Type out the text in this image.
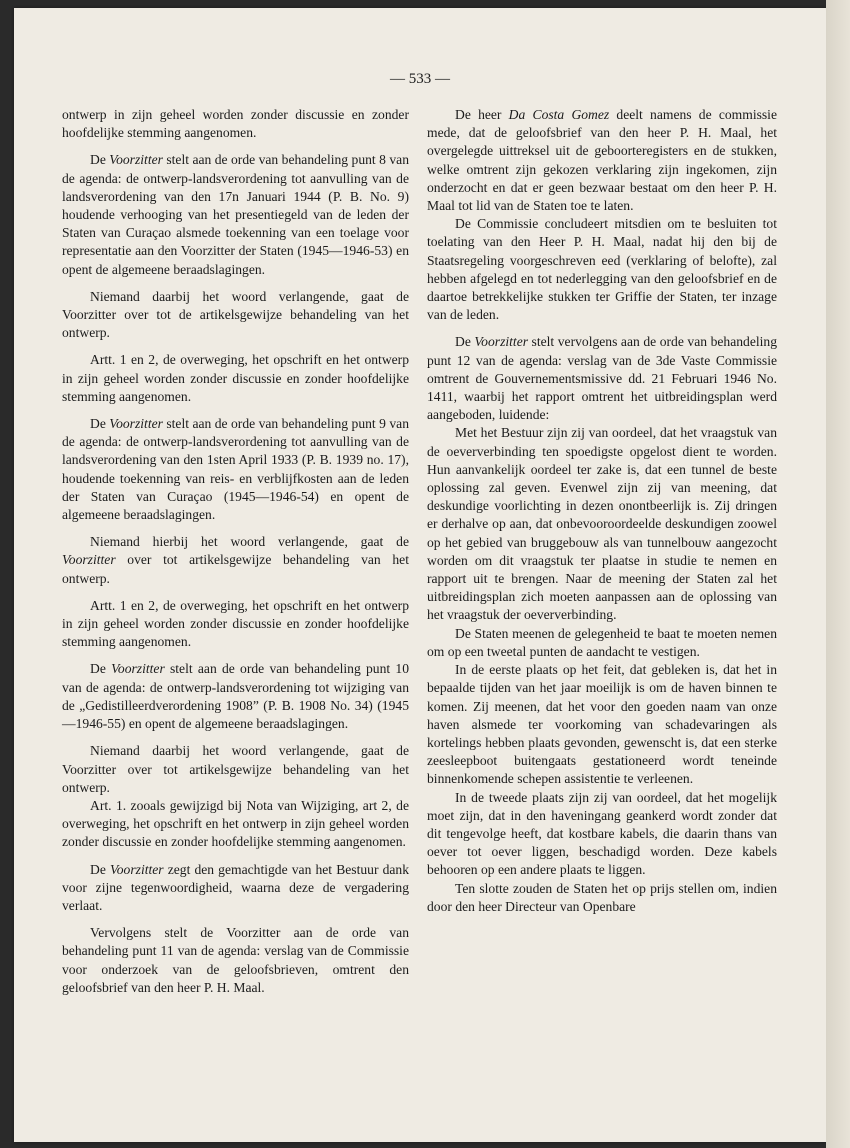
— 533 —

ontwerp in zijn geheel worden zonder discussie en zonder hoofdelijke stemming aangenomen.

De Voorzitter stelt aan de orde van behandeling punt 8 van de agenda: de ontwerp-landsverordening tot aanvulling van de landsverordening van den 17n Januari 1944 (P. B. No. 9) houdende verhooging van het presentiegeld van de leden der Staten van Curaçao alsmede toekenning van een toelage voor representatie aan den Voorzitter der Staten (1945—1946-53) en opent de algemeene beraadslagingen.

Niemand daarbij het woord verlangende, gaat de Voorzitter over tot de artikelsgewijze behandeling van het ontwerp.

Artt. 1 en 2, de overweging, het opschrift en het ontwerp in zijn geheel worden zonder discussie en zonder hoofdelijke stemming aangenomen.

De Voorzitter stelt aan de orde van behandeling punt 9 van de agenda: de ontwerp-landsverordening tot aanvulling van de landsverordening van den 1sten April 1933 (P. B. 1939 no. 17), houdende toekenning van reis- en verblijfkosten aan de leden der Staten van Curaçao (1945—1946-54) en opent de algemeene beraadslagingen.

Niemand hierbij het woord verlangende, gaat de Voorzitter over tot artikelsgewijze behandeling van het ontwerp.

Artt. 1 en 2, de overweging, het opschrift en het ontwerp in zijn geheel worden zonder discussie en zonder hoofdelijke stemming aangenomen.

De Voorzitter stelt aan de orde van behandeling punt 10 van de agenda: de ontwerp-landsverordening tot wijziging van de „Gedistilleerdverordening 1908” (P. B. 1908 No. 34) (1945—1946-55) en opent de algemeene beraadslagingen.

Niemand daarbij het woord verlangende, gaat de Voorzitter over tot artikelsgewijze behandeling van het ontwerp.

Art. 1. zooals gewijzigd bij Nota van Wijziging, art 2, de overweging, het opschrift en het ontwerp in zijn geheel worden zonder discussie en zonder hoofdelijke stemming aangenomen.

De Voorzitter zegt den gemachtigde van het Bestuur dank voor zijne tegenwoordigheid, waarna deze de vergadering verlaat.

Vervolgens stelt de Voorzitter aan de orde van behandeling punt 11 van de agenda: verslag van de Commissie voor onderzoek van de geloofsbrieven, omtrent den geloofsbrief van den heer P. H. Maal.

De heer Da Costa Gomez deelt namens de commissie mede, dat de geloofsbrief van den heer P. H. Maal, het overgelegde uittreksel uit de geboorteregisters en de stukken, welke omtrent zijn gekozen verklaring zijn ingekomen, zijn onderzocht en dat er geen bezwaar bestaat om den heer P. H. Maal tot lid van de Staten toe te laten.

De Commissie concludeert mitsdien om te besluiten tot toelating van den Heer P. H. Maal, nadat hij den bij de Staatsregeling voorgeschreven eed (verklaring of belofte), zal hebben afgelegd en tot nederlegging van den geloofsbrief en de daartoe betrekkelijke stukken ter Griffie der Staten, ter inzage van de leden.

De Voorzitter stelt vervolgens aan de orde van behandeling punt 12 van de agenda: verslag van de 3de Vaste Commissie omtrent de Gouvernementsmissive dd. 21 Februari 1946 No. 1411, waarbij het rapport omtrent het uitbreidingsplan werd aangeboden, luidende:

Met het Bestuur zijn zij van oordeel, dat het vraagstuk van de oeververbinding ten spoedigste opgelost dient te worden. Hun aanvankelijk oordeel ter zake is, dat een tunnel de beste oplossing zal geven. Evenwel zijn zij van meening, dat deskundige voorlichting in dezen onontbeerlijk is. Zij dringen er derhalve op aan, dat onbevooroordeelde deskundigen zoowel op het gebied van bruggebouw als van tunnelbouw aangezocht worden om dit vraagstuk ter plaatse in studie te nemen en rapport uit te brengen. Naar de meening der Staten zal het uitbreidingsplan zich moeten aanpassen aan de oplossing van het vraagstuk der oeververbinding.

De Staten meenen de gelegenheid te baat te moeten nemen om op een tweetal punten de aandacht te vestigen.

In de eerste plaats op het feit, dat gebleken is, dat het in bepaalde tijden van het jaar moeilijk is om de haven binnen te komen. Zij meenen, dat het voor den goeden naam van onze haven alsmede ter voorkoming van schadevaringen als kortelings hebben plaats gevonden, gewenscht is, dat een sterke zeesleepboot buitengaats gestationeerd wordt teneinde binnenkomende schepen assistentie te verleenen.

In de tweede plaats zijn zij van oordeel, dat het mogelijk moet zijn, dat in den haveningang geankerd wordt zonder dat dit tengevolge heeft, dat kostbare kabels, die daarin thans van oever tot oever liggen, beschadigd worden. Deze kabels behooren op een andere plaats te liggen.

Ten slotte zouden de Staten het op prijs stellen om, indien door den heer Directeur van Openbare
